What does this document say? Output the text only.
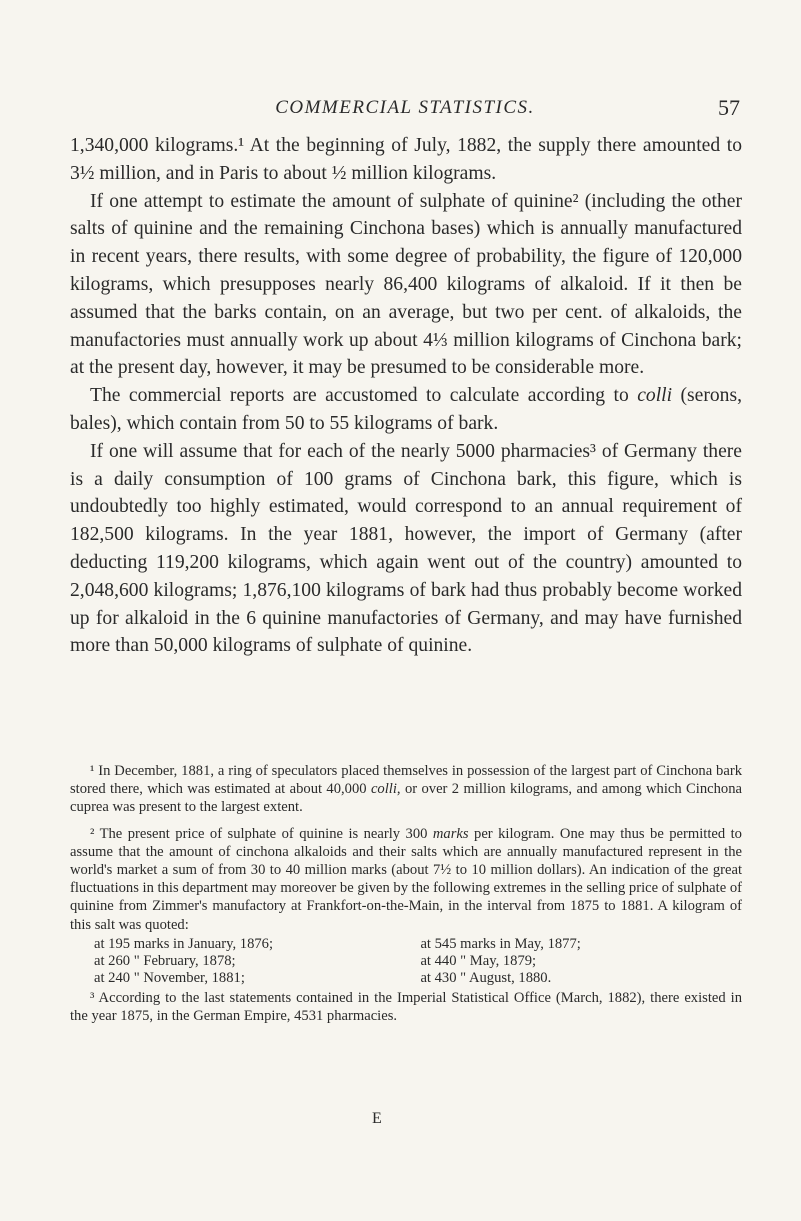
COMMERCIAL STATISTICS.	57

1,340,000 kilograms.¹ At the beginning of July, 1882, the supply there amounted to 3½ million, and in Paris to about ½ million kilograms.

If one attempt to estimate the amount of sulphate of quinine² (including the other salts of quinine and the remaining Cinchona bases) which is annually manufactured in recent years, there results, with some degree of probability, the figure of 120,000 kilograms, which presupposes nearly 86,400 kilograms of alkaloid. If it then be assumed that the barks contain, on an average, but two per cent. of alkaloids, the manufactories must annually work up about 4⅓ million kilograms of Cinchona bark; at the present day, however, it may be presumed to be considerable more.

The commercial reports are accustomed to calculate according to colli (serons, bales), which contain from 50 to 55 kilograms of bark.

If one will assume that for each of the nearly 5000 pharmacies³ of Germany there is a daily consumption of 100 grams of Cinchona bark, this figure, which is undoubtedly too highly estimated, would correspond to an annual requirement of 182,500 kilograms. In the year 1881, however, the import of Germany (after deducting 119,200 kilograms, which again went out of the country) amounted to 2,048,600 kilograms; 1,876,100 kilograms of bark had thus probably become worked up for alkaloid in the 6 quinine manufactories of Germany, and may have furnished more than 50,000 kilograms of sulphate of quinine.

¹ In December, 1881, a ring of speculators placed themselves in possession of the largest part of Cinchona bark stored there, which was estimated at about 40,000 colli, or over 2 million kilograms, and among which Cinchona cuprea was present to the largest extent.

² The present price of sulphate of quinine is nearly 300 marks per kilogram. One may thus be permitted to assume that the amount of cinchona alkaloids and their salts which are annually manufactured represent in the world's market a sum of from 30 to 40 million marks (about 7½ to 10 million dollars). An indication of the great fluctuations in this department may moreover be given by the following extremes in the selling price of sulphate of quinine from Zimmer's manufactory at Frankfort-on-the-Main, in the interval from 1875 to 1881. A kilogram of this salt was quoted:

at 195 marks in January, 1876;	at 545 marks in May, 1877;
at 260 " February, 1878;	at 440 " May, 1879;
at 240 " November, 1881;	at 430 " August, 1880.

³ According to the last statements contained in the Imperial Statistical Office (March, 1882), there existed in the year 1875, in the German Empire, 4531 pharmacies.

E
